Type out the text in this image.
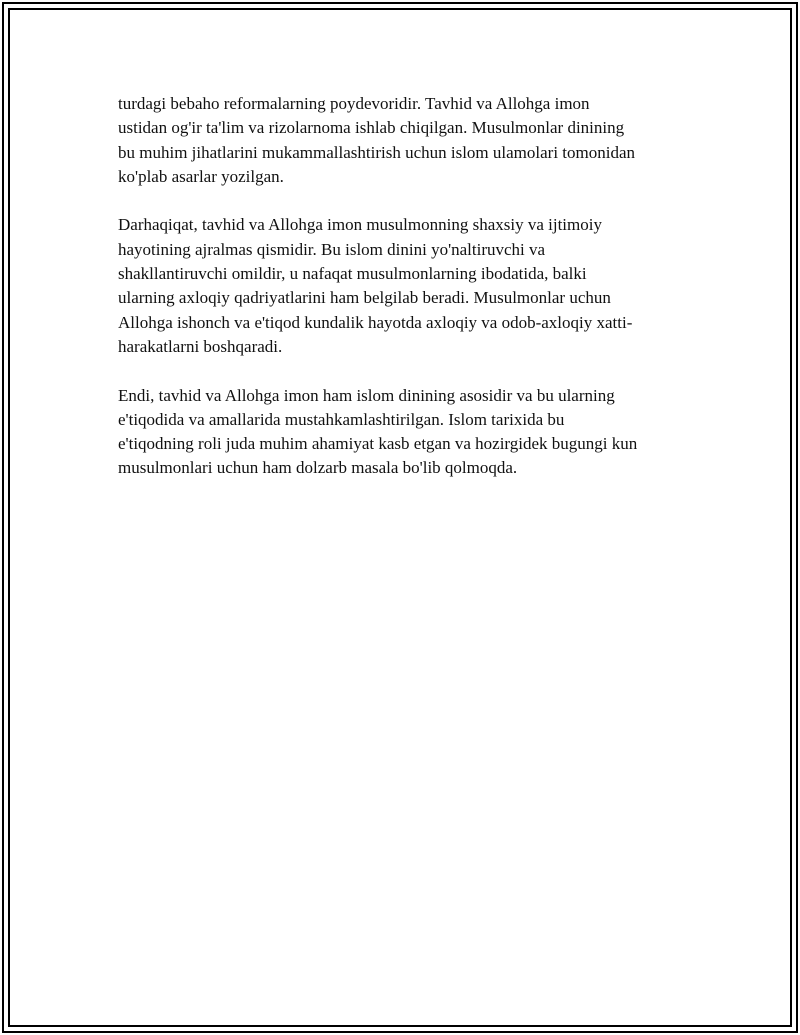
turdagi bebaho reformalarning poydevoridir. Tavhid va Allohga imon
ustidan og'ir ta'lim va rizolarnoma ishlab chiqilgan. Musulmonlar dinining
bu muhim jihatlarini mukammallashtirish uchun islom ulamolari tomonidan
ko'plab asarlar yozilgan.

Darhaqiqat, tavhid va Allohga imon musulmonning shaxsiy va ijtimoiy
hayotining ajralmas qismidir. Bu islom dinini yo'naltiruvchi va
shakllantiruvchi omildir, u nafaqat musulmonlarning ibodatida, balki
ularning axloqiy qadriyatlarini ham belgilab beradi. Musulmonlar uchun
Allohga ishonch va e'tiqod kundalik hayotda axloqiy va odob-axloqiy xatti-
harakatlarni boshqaradi.

Endi, tavhid va Allohga imon ham islom dinining asosidir va bu ularning
e'tiqodida va amallarida mustahkamlashtirilgan. Islom tarixida bu
e'tiqodning roli juda muhim ahamiyat kasb etgan va hozirgidek bugungi kun
musulmonlari uchun ham dolzarb masala bo'lib qolmoqda.
